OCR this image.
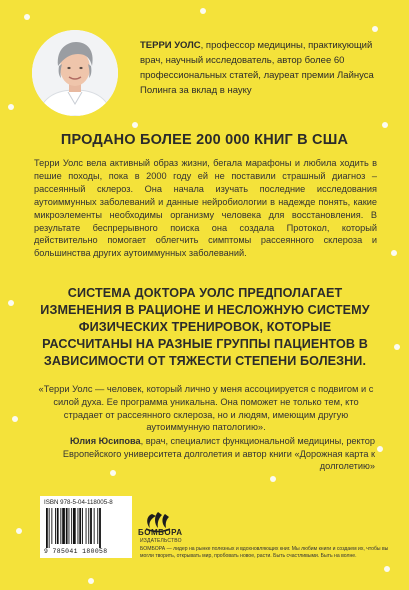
ТЕРРИ УОЛС, профессор медицины, практикующий врач, научный исследователь, автор более 60 профессиональных статей, лауреат премии Лайнуса Полинга за вклад в науку
ПРОДАНО БОЛЕЕ 200 000 КНИГ В США

Терри Уолс вела активный образ жизни, бегала марафоны и любила ходить в пешие походы, пока в 2000 году ей не поставили страшный диагноз – рассеянный склероз. Она начала изучать последние исследования аутоиммунных заболеваний и данные нейробиологии в надежде понять, какие микроэлементы необходимы организму человека для восстановления. В результате беспрерывного поиска она создала Протокол, который действительно помогает облегчить симптомы рассеянного склероза и большинства других аутоиммунных заболеваний.

СИСТЕМА ДОКТОРА УОЛС ПРЕДПОЛАГАЕТ ИЗМЕНЕНИЯ В РАЦИОНЕ И НЕСЛОЖНУЮ СИСТЕМУ ФИЗИЧЕСКИХ ТРЕНИРОВОК, КОТОРЫЕ РАССЧИТАНЫ НА РАЗНЫЕ ГРУППЫ ПАЦИЕНТОВ В ЗАВИСИМОСТИ ОТ ТЯЖЕСТИ СТЕПЕНИ БОЛЕЗНИ.

«Терри Уолс — человек, который лично у меня ассоциируется с подвигом и с силой духа. Ее программа уникальна. Она поможет не только тем, кто страдает от рассеянного склероза, но и людям, имеющим другую аутоиммунную патологию».

Юлия Юсипова, врач, специалист функциональной медицины, ректор Европейского университета долголетия и автор книги «Дорожная карта к долголетию»
ISBN 978-5-04-118005-8
9 785041 180058
БОМБОРА
ИЗДАТЕЛЬСТВО

БОМБОРА — лидер на рынке полезных и вдохновляющих книг. Мы любим книги и создаем их, чтобы вы могли творить, открывать мир, пробовать новое, расти. Быть счастливыми. Быть на волне.
